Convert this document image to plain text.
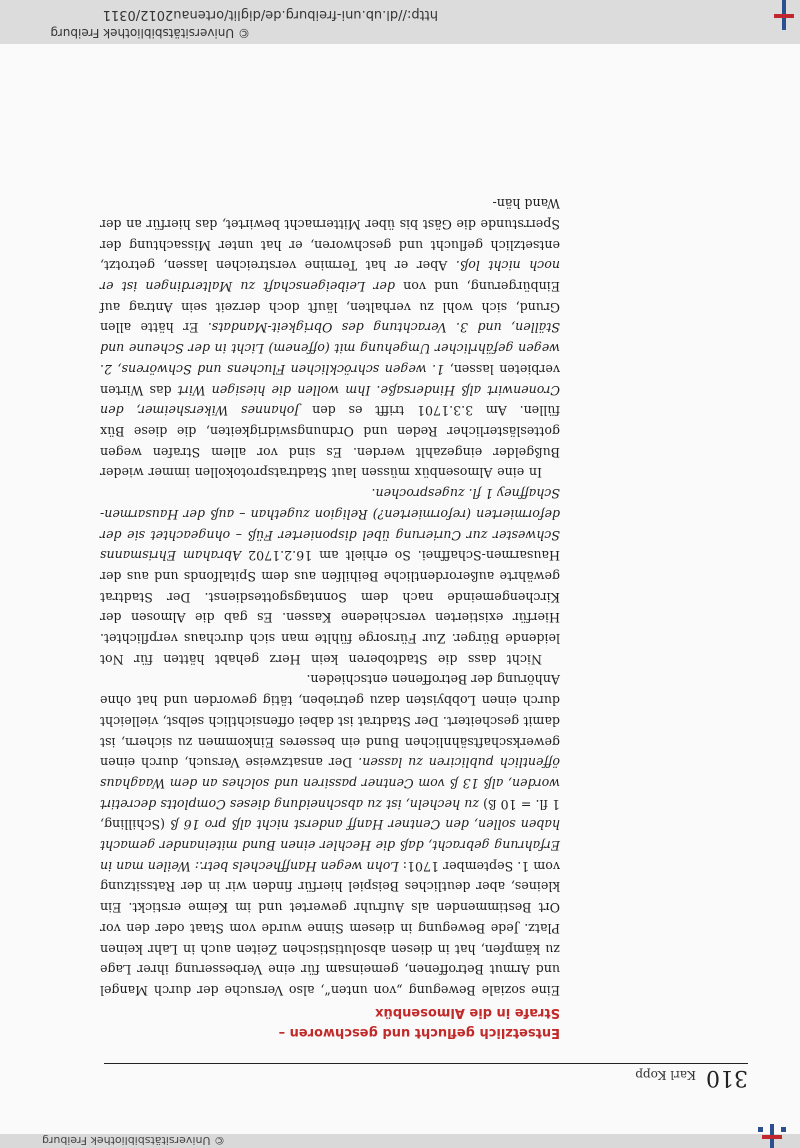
© Universitätsbibliothek Freiburg
310
Karl Kopp
Entsetzlich geflucht und geschworen –
Strafe in die Almosenbüx

Eine soziale Bewegung „von unten“, also Versuche der durch Mangel und Armut Betroffenen, gemeinsam für eine Verbesserung ihrer Lage zu kämpfen, hat in diesen absolutistischen Zeiten auch in Lahr keinen Platz. Jede Bewegung in diesem Sinne wurde vom Staat oder den vor Ort Bestimmenden als Aufruhr gewertet und im Keime erstickt. Ein kleines, aber deutliches Beispiel hierfür finden wir in der Ratssitzung vom 1. September 1701: Lohn wegen Hanffhechels betr.: Weilen man in Erfahrung gebracht, daß die Hechler einen Bund miteinander gemacht haben sollen, den Centner Hanff anderst nicht alß pro 16 ß (Schilling, 1 fl. = 10 ß) zu hecheln, ist zu abschneidung dieses Complotts decretirt worden, alß 13 ß vom Centner passiren und solches an dem Waaghaus öffentlich publiciren zu lassen. Der ansatzweise Versuch, durch einen gewerkschaftsähnlichen Bund ein besseres Einkommen zu sichern, ist damit gescheitert. Der Stadtrat ist dabei offensichtlich selbst, vielleicht durch einen Lobbyisten dazu getrieben, tätig geworden und hat ohne Anhörung der Betroffenen entschieden.

Nicht dass die Stadtoberen kein Herz gehabt hätten für Not leidende Bürger. Zur Fürsorge fühlte man sich durchaus verpflichtet. Hierfür existierten verschiedene Kassen. Es gab die Almosen der Kirchengemeinde nach dem Sonntagsgottesdienst. Der Stadtrat gewährte außerordentliche Beihilfen aus dem Spitalfonds und aus der Hausarmen-Schaffnei. So erhielt am 16.2.1702 Abraham Ehrismanns Schwester zur Curierung übel disponierter Füß – ohngeachtet sie der deformierten (reformierten?) Religion zugethan – auß der Hausarmen-Schaffney 1 fl. zugesprochen.

In eine Almosenbüx müssen laut Stadtratsprotokollen immer wieder Bußgelder eingezahlt werden. Es sind vor allem Strafen wegen gotteslästerlicher Reden und Ordnungswidrigkeiten, die diese Büx füllen. Am 3.3.1701 trifft es den Johannes Wikersheimer, den Cronenwirt alß Hindersaße. Ihm wollen die hiesigen Wirt das Wirten verbieten lassen, 1. wegen schröcklichen Fluchens und Schwörens, 2. wegen gefährlicher Umgehung mit (offenem) Licht in der Scheune und Ställen, und 3. Verachtung des Obrigkeit-Mandats. Er hätte allen Grund, sich wohl zu verhalten, läuft doch derzeit sein Antrag auf Einbürgerung, und von der Leibeigenschaft zu Malterdingen ist er noch nicht loß. Aber er hat Termine verstreichen lassen, getrotzt, entsetzlich geflucht und geschworen, er hat unter Missachtung der Sperrstunde die Gäst bis über Mitternacht bewirtet, das hierfür an der Wand hän-

© Universitätsbibliothek Freiburg
http://dl.ub.uni-freiburg.de/diglit/ortenau2012/0311
